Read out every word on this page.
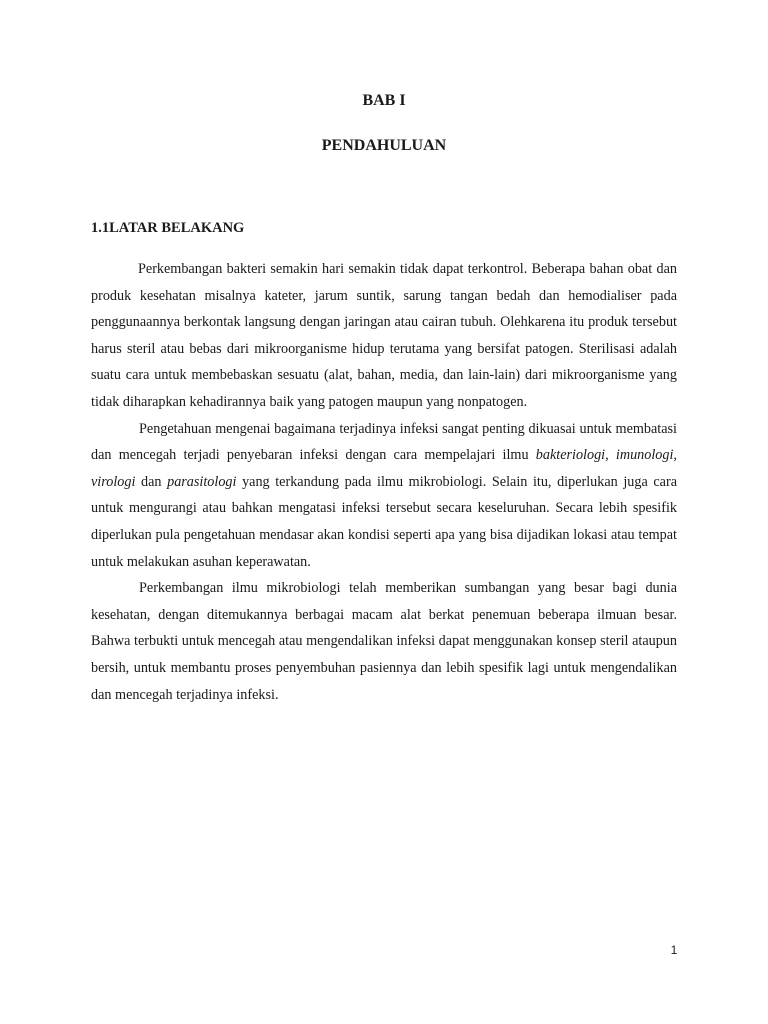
BAB I
PENDAHULUAN
1.1LATAR BELAKANG

Perkembangan bakteri semakin hari semakin tidak dapat terkontrol. Beberapa bahan obat dan produk kesehatan misalnya kateter, jarum suntik, sarung tangan bedah dan hemodialiser pada penggunaannya berkontak langsung dengan jaringan atau cairan tubuh. Olehkarena itu produk tersebut harus steril atau bebas dari mikroorganisme hidup terutama yang bersifat patogen. Sterilisasi adalah suatu cara untuk membebaskan sesuatu (alat, bahan, media, dan lain-lain) dari mikroorganisme yang tidak diharapkan kehadirannya baik yang patogen maupun yang nonpatogen.

Pengetahuan mengenai bagaimana terjadinya infeksi sangat penting dikuasai untuk membatasi dan mencegah terjadi penyebaran infeksi dengan cara mempelajari ilmu bakteriologi, imunologi, virologi dan parasitologi yang terkandung pada ilmu mikrobiologi. Selain itu, diperlukan juga cara untuk mengurangi atau bahkan mengatasi infeksi tersebut secara keseluruhan. Secara lebih spesifik diperlukan pula pengetahuan mendasar akan kondisi seperti apa yang bisa dijadikan lokasi atau tempat untuk melakukan asuhan keperawatan.

Perkembangan ilmu mikrobiologi telah memberikan sumbangan yang besar bagi dunia kesehatan, dengan ditemukannya berbagai macam alat berkat penemuan beberapa ilmuan besar. Bahwa terbukti untuk mencegah atau mengendalikan infeksi dapat menggunakan konsep steril ataupun bersih, untuk membantu proses penyembuhan pasiennya dan lebih spesifik lagi untuk mengendalikan dan mencegah terjadinya infeksi.

1
